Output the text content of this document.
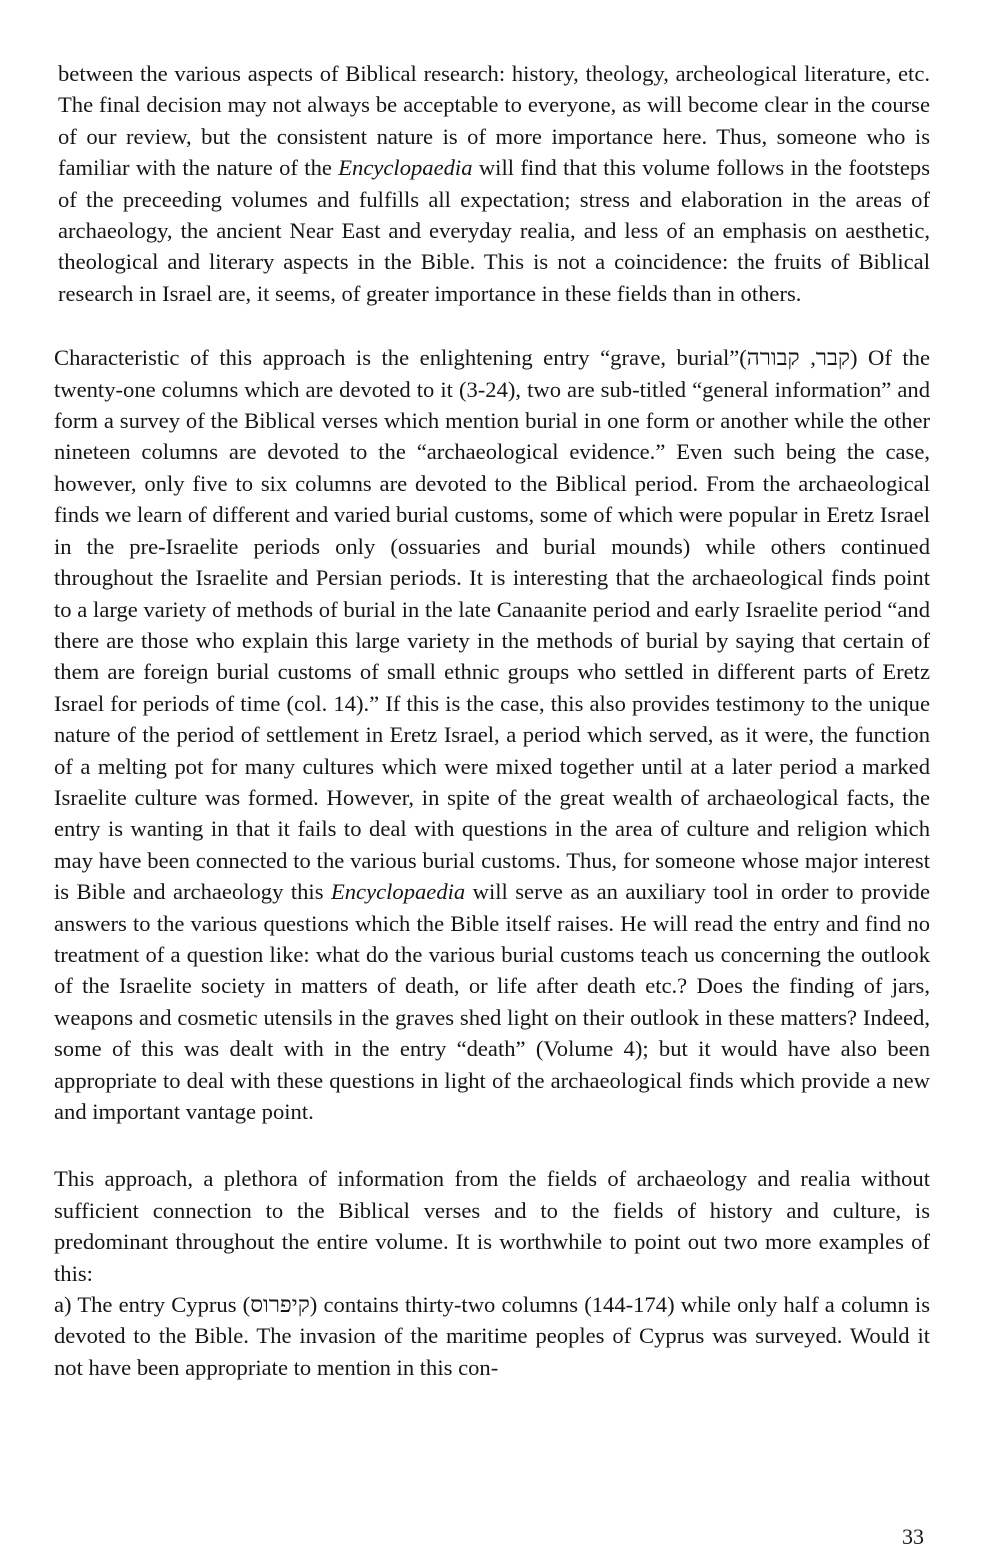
between the various aspects of Biblical research: history, theology, archeological literature, etc. The final decision may not always be acceptable to everyone, as will become clear in the course of our review, but the consistent nature is of more importance here. Thus, someone who is familiar with the nature of the Encyclopaedia will find that this volume follows in the footsteps of the preceeding volumes and fulfills all expectation; stress and elaboration in the areas of archaeology, the ancient Near East and everyday realia, and less of an emphasis on aesthetic, theological and literary aspects in the Bible. This is not a coincidence: the fruits of Biblical research in Israel are, it seems, of greater importance in these fields than in others.

Characteristic of this approach is the enlightening entry “grave, burial”(קבר, קבורה) Of the twenty-one columns which are devoted to it (3-24), two are sub-titled “general information” and form a survey of the Biblical verses which mention burial in one form or another while the other nineteen columns are devoted to the “archaeological evidence.” Even such being the case, however, only five to six columns are devoted to the Biblical period. From the archaeological finds we learn of different and varied burial customs, some of which were popular in Eretz Israel in the pre-Israelite periods only (ossuaries and burial mounds) while others continued throughout the Israelite and Persian periods. It is interesting that the archaeological finds point to a large variety of methods of burial in the late Canaanite period and early Israelite period “and there are those who explain this large variety in the methods of burial by saying that certain of them are foreign burial customs of small ethnic groups who settled in different parts of Eretz Israel for periods of time (col. 14).” If this is the case, this also provides testimony to the unique nature of the period of settlement in Eretz Israel, a period which served, as it were, the function of a melting pot for many cultures which were mixed together until at a later period a marked Israelite culture was formed. However, in spite of the great wealth of archaeological facts, the entry is wanting in that it fails to deal with questions in the area of culture and religion which may have been connected to the various burial customs. Thus, for someone whose major interest is Bible and archaeology this Encyclopaedia will serve as an auxiliary tool in order to provide answers to the various questions which the Bible itself raises. He will read the entry and find no treatment of a question like: what do the various burial customs teach us concerning the outlook of the Israelite society in matters of death, or life after death etc.? Does the finding of jars, weapons and cosmetic utensils in the graves shed light on their outlook in these matters? Indeed, some of this was dealt with in the entry “death” (Volume 4); but it would have also been appropriate to deal with these questions in light of the archaeological finds which provide a new and important vantage point.

This approach, a plethora of information from the fields of archaeology and realia without sufficient connection to the Biblical verses and to the fields of history and culture, is predominant throughout the entire volume. It is worthwhile to point out two more examples of this:

a) The entry Cyprus (קיפרוס) contains thirty-two columns (144-174) while only half a column is devoted to the Bible. The invasion of the maritime peoples of Cyprus was surveyed. Would it not have been appropriate to mention in this con-

33
